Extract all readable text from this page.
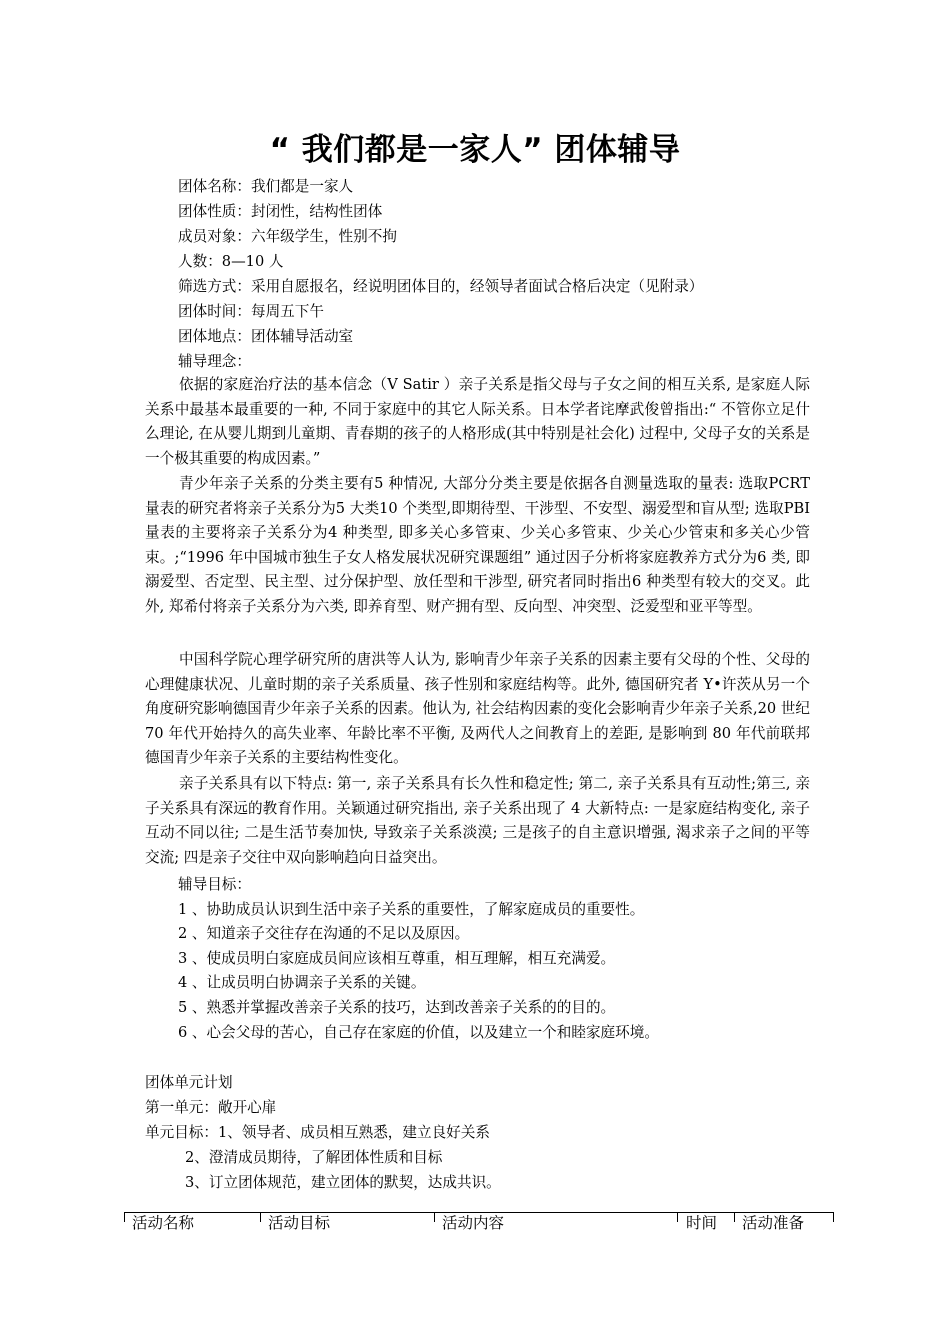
“ 我们都是一家人” 团体辅导
团体名称：我们都是一家人
团体性质：封闭性，结构性团体
成员对象：六年级学生，性别不拘
人数：8—10 人
筛选方式：采用自愿报名，经说明团体目的，经领导者面试合格后决定（见附录）
团体时间：每周五下午
团体地点：团体辅导活动室
辅导理念：

依据的家庭治疗法的基本信念（V Satir ）亲子关系是指父母与子女之间的相互关系, 是家庭人际关系中最基本最重要的一种, 不同于家庭中的其它人际关系。日本学者诧摩武俊曾指出:“ 不管你立足什么理论, 在从婴儿期到儿童期、青春期的孩子的人格形成(其中特别是社会化) 过程中, 父母子女的关系是一个极其重要的构成因素。”

青少年亲子关系的分类主要有5 种情况, 大部分分类主要是依据各自测量选取的量表: 选取PCRT 量表的研究者将亲子关系分为5 大类10 个类型,即期待型、干涉型、不安型、溺爱型和盲从型; 选取PBI 量表的主要将亲子关系分为4 种类型, 即多关心多管束、少关心多管束、少关心少管束和多关心少管束。;“1996 年中国城市独生子女人格发展状况研究课题组” 通过因子分析将家庭教养方式分为6 类, 即溺爱型、否定型、民主型、过分保护型、放任型和干涉型, 研究者同时指出6 种类型有较大的交叉。此外, 郑希付将亲子关系分为六类, 即养育型、财产拥有型、反向型、冲突型、泛爱型和亚平等型。

中国科学院心理学研究所的唐洪等人认为, 影响青少年亲子关系的因素主要有父母的个性、父母的心理健康状况、儿童时期的亲子关系质量、孩子性别和家庭结构等。此外, 德国研究者 Y•许茨从另一个角度研究影响德国青少年亲子关系的因素。他认为, 社会结构因素的变化会影响青少年亲子关系,20 世纪 70 年代开始持久的高失业率、年龄比率不平衡, 及两代人之间教育上的差距, 是影响到 80 年代前联邦德国青少年亲子关系的主要结构性变化。

亲子关系具有以下特点: 第一, 亲子关系具有长久性和稳定性; 第二, 亲子关系具有互动性;第三, 亲子关系具有深远的教育作用。关颖通过研究指出, 亲子关系出现了 4 大新特点: 一是家庭结构变化, 亲子互动不同以往; 二是生活节奏加快, 导致亲子关系淡漠; 三是孩子的自主意识增强, 渴求亲子之间的平等交流; 四是亲子交往中双向影响趋向日益突出。

辅导目标：
1 、协助成员认识到生活中亲子关系的重要性，了解家庭成员的重要性。
2 、知道亲子交往存在沟通的不足以及原因。
3 、使成员明白家庭成员间应该相互尊重，相互理解，相互充满爱。
4 、让成员明白协调亲子关系的关键。
5 、熟悉并掌握改善亲子关系的技巧，达到改善亲子关系的的目的。
6 、心会父母的苦心，自己存在家庭的价值，以及建立一个和睦家庭环境。
团体单元计划
第一单元：敞开心扉
单元目标：1、领导者、成员相互熟悉，建立良好关系
2、澄清成员期待，了解团体性质和目标
3、订立团体规范，建立团体的默契，达成共识。
活动名称	活动目标	活动内容	时间 活动准备
